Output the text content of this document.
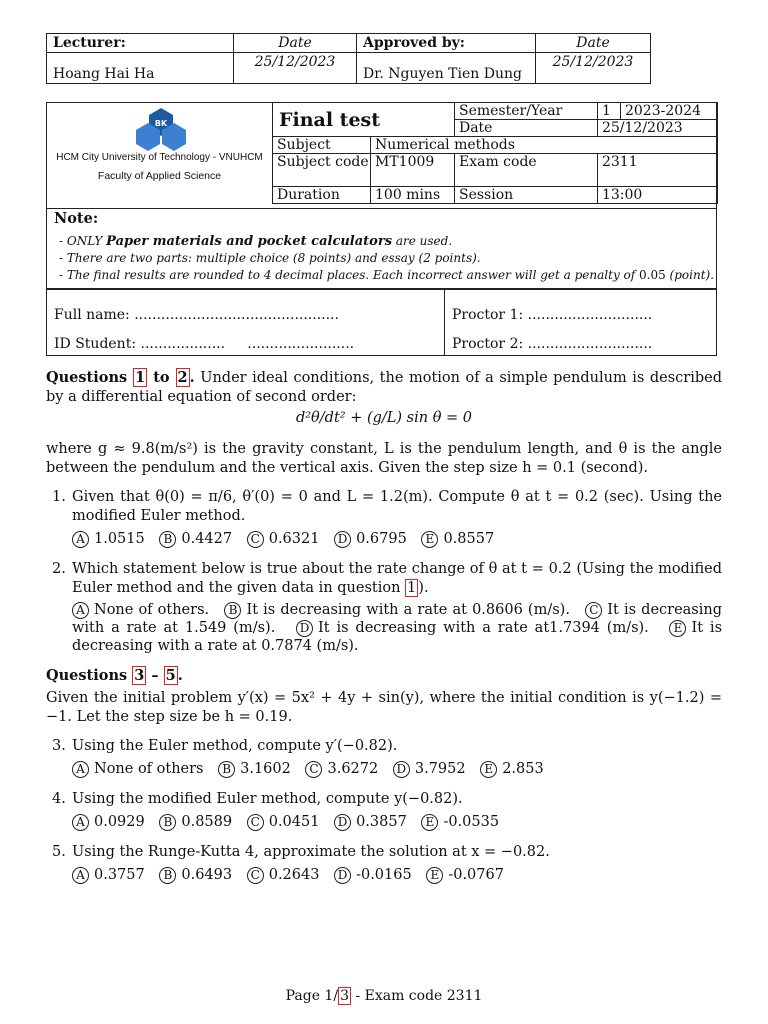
Lecturer:	Date	Approved by:	Date
Hoang Hai Ha	25/12/2023	Dr. Nguyen Tien Dung	25/12/2023
BK
HCM City University of Technology - VNUHCM
Faculty of Applied Science
Final test		Semester/Year	1	2023-2024
		Date	25/12/2023	
Subject	Numerical methods			
Subject code	MT1009	Exam code	2311	
Duration	100 mins	Session	13:00	
Note:
- ONLY Paper materials and pocket calculators are used.
- There are two parts: multiple choice (8 points) and essay (2 points).
- The final results are rounded to 4 decimal places. Each incorrect answer will get a penalty of 0.05 (point).
Full name: ..............................................
ID Student: ...................     ........................
Proctor 1: ............................
Proctor 2: ............................
Questions 1 to 2 . Under ideal conditions, the motion of a simple pendulum is described by a differential equation of second order:
d²θ/dt² + (g/L) sin θ = 0
where g ≈ 9.8(m/s²) is the gravity constant, L is the pendulum length, and θ is the angle between the pendulum and the vertical axis. Given the step size h = 0.1 (second).
1. Given that θ(0) = π/6, θ′(0) = 0 and L = 1.2(m). Compute θ at t = 0.2 (sec). Using the modified Euler method.
A 1.0515 B 0.4427 C 0.6321 D 0.6795 E 0.8557
2. Which statement below is true about the rate change of θ at t = 0.2 (Using the modified Euler method and the given data in question 1 ).
A None of others. B It is decreasing with a rate at 0.8606 (m/s). C It is decreasing with a rate at 1.549 (m/s). D It is decreasing with a rate at1.7394 (m/s). E It is decreasing with a rate at 0.7874 (m/s).
Questions 3 – 5 .
Given the initial problem y′(x) = 5x² + 4y + sin(y), where the initial condition is y(−1.2) = −1. Let the step size be h = 0.19.
3. Using the Euler method, compute y′(−0.82).
A None of others B 3.1602 C 3.6272 D 3.7952 E 2.853
4. Using the modified Euler method, compute y(−0.82).
A 0.0929 B 0.8589 C 0.0451 D 0.3857 E -0.0535
5. Using the Runge-Kutta 4, approximate the solution at x = −0.82.
A 0.3757 B 0.6493 C 0.2643 D -0.0165 E -0.0767
Page 1/ 3 - Exam code 2311
